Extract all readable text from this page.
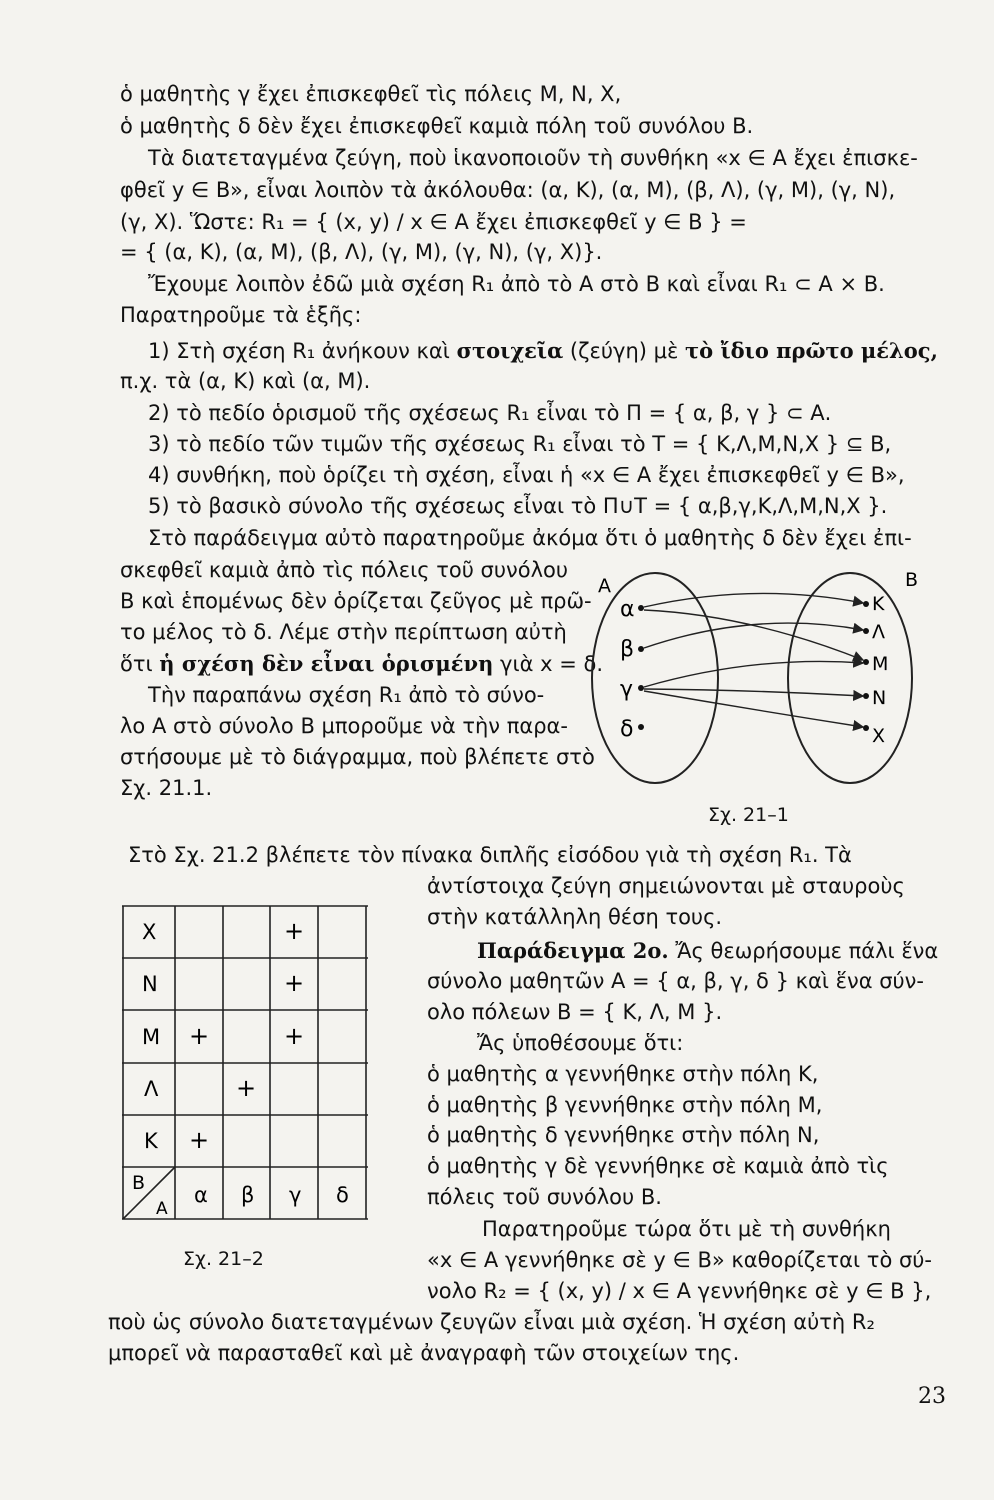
ὁ μαθητὴς γ ἔχει ἐπισκεφθεῖ τὶς πόλεις Μ, Ν, Χ,
ὁ μαθητὴς δ δὲν ἔχει ἐπισκεφθεῖ καμιὰ πόλη τοῦ συνόλου Β.
Τὰ διατεταγμένα ζεύγη, ποὺ ἱκανοποιοῦν τὴ συνθήκη «x ∈ Α ἔχει ἐπισκε-
φθεῖ y ∈ B», εἶναι λοιπὸν τὰ ἀκόλουθα: (α, Κ), (α, Μ), (β, Λ), (γ, Μ), (γ, Ν),
(γ, Χ). Ὥστε: R₁ = { (x, y) / x ∈ Α ἔχει ἐπισκεφθεῖ y ∈ Β } =
= { (α, Κ), (α, Μ), (β, Λ), (γ, Μ), (γ, Ν), (γ, Χ)}.
Ἔχουμε λοιπὸν ἐδῶ μιὰ σχέση R₁ ἀπὸ τὸ Α στὸ Β καὶ εἶναι R₁ ⊂ Α × Β.
Παρατηροῦμε τὰ ἑξῆς:
1) Στὴ σχέση R₁ ἀνήκουν καὶ στοιχεῖα (ζεύγη) μὲ τὸ ἴδιο πρῶτο μέλος,
π.χ. τὰ (α, Κ) καὶ (α, Μ).
2) τὸ πεδίο ὁρισμοῦ τῆς σχέσεως R₁ εἶναι τὸ Π = { α, β, γ } ⊂ Α.
3) τὸ πεδίο τῶν τιμῶν τῆς σχέσεως R₁ εἶναι τὸ Τ = { Κ,Λ,Μ,Ν,Χ } ⊆ Β,
4) συνθήκη, ποὺ ὁρίζει τὴ σχέση, εἶναι ἡ «x ∈ Α ἔχει ἐπισκεφθεῖ y ∈ Β»,
5) τὸ βασικὸ σύνολο τῆς σχέσεως εἶναι τὸ Π∪Τ = { α,β,γ,Κ,Λ,Μ,Ν,Χ }.
Στὸ παράδειγμα αὐτὸ παρατηροῦμε ἀκόμα ὅτι ὁ μαθητὴς δ δὲν ἔχει ἐπι-
σκεφθεῖ καμιὰ ἀπὸ τὶς πόλεις τοῦ συνόλου
Β καὶ ἑπομένως δὲν ὁρίζεται ζεῦγος μὲ πρῶ-
το μέλος τὸ δ. Λέμε στὴν περίπτωση αὐτὴ
ὅτι ἡ σχέση δὲν εἶναι ὁρισμένη γιὰ x = δ.
Τὴν παραπάνω σχέση R₁ ἀπὸ τὸ σύνο-
λο Α στὸ σύνολο Β μποροῦμε νὰ τὴν παρα-
στήσουμε μὲ τὸ διάγραμμα, ποὺ βλέπετε στὸ
Σχ. 21.1.
Α	Β
α
β
γ
δ
Κ
Λ
Μ
Ν
Χ
Σχ. 21–1
Στὸ Σχ. 21.2 βλέπετε τὸν πίνακα διπλῆς εἰσόδου γιὰ τὴ σχέση R₁. Τὰ
ἀντίστοιχα ζεύγη σημειώνονται μὲ σταυροὺς
στὴν κατάλληλη θέση τους.
Παράδειγμα 2ο. Ἄς θεωρήσουμε πάλι ἕνα
σύνολο μαθητῶν Α = { α, β, γ, δ } καὶ ἕνα σύν-
ολο πόλεων Β = { Κ, Λ, Μ }.
Ἄς ὑποθέσουμε ὅτι:
ὁ μαθητὴς α γεννήθηκε στὴν πόλη Κ,
ὁ μαθητὴς β γεννήθηκε στὴν πόλη Μ,
ὁ μαθητὴς δ γεννήθηκε στὴν πόλη Ν,
ὁ μαθητὴς γ δὲ γεννήθηκε σὲ καμιὰ ἀπὸ τὶς
πόλεις τοῦ συνόλου Β.
Παρατηροῦμε τώρα ὅτι μὲ τὴ συνθήκη
«x ∈ Α γεννήθηκε σὲ y ∈ Β» καθορίζεται τὸ σύ-
νολο R₂ = { (x, y) / x ∈ Α γεννήθηκε σὲ y ∈ Β },
Χ
Ν
Μ
Λ
Κ
Β
Α
α β γ δ
+
+
+	+
+
+
Σχ. 21–2
ποὺ ὡς σύνολο διατεταγμένων ζευγῶν εἶναι μιὰ σχέση. Ἡ σχέση αὐτὴ R₂
μπορεῖ νὰ παρασταθεῖ καὶ μὲ ἀναγραφὴ τῶν στοιχείων της.
23
